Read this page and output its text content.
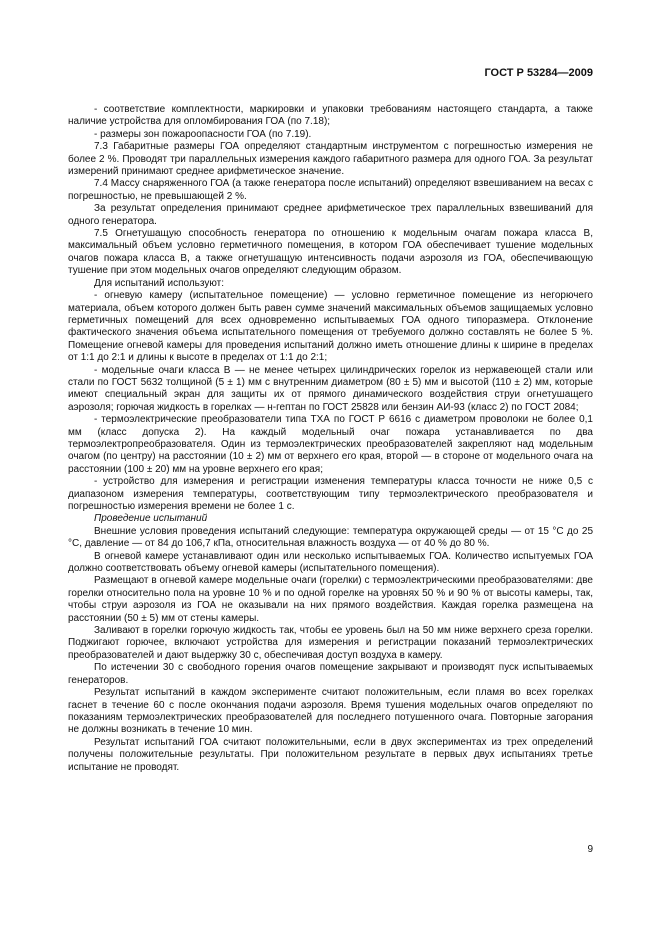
ГОСТ Р 53284—2009

- соответствие комплектности, маркировки и упаковки требованиям настоящего стандарта, а также наличие устройства для опломбирования ГОА (по 7.18);

- размеры зон пожароопасности ГОА (по 7.19).

7.3 Габаритные размеры ГОА определяют стандартным инструментом с погрешностью измерения не более 2 %. Проводят три параллельных измерения каждого габаритного размера для одного ГОА. За результат измерений принимают среднее арифметическое значение.

7.4 Массу снаряженного ГОА (а также генератора после испытаний) определяют взвешиванием на весах с погрешностью, не превышающей 2 %.

За результат определения принимают среднее арифметическое трех параллельных взвешиваний для одного генератора.

7.5 Огнетушащую способность генератора по отношению к модельным очагам пожара класса В, максимальный объем условно герметичного помещения, в котором ГОА обеспечивает тушение модельных очагов пожара класса В, а также огнетушащую интенсивность подачи аэрозоля из ГОА, обеспечивающую тушение при этом модельных очагов определяют следующим образом.

Для испытаний используют:

- огневую камеру (испытательное помещение) — условно герметичное помещение из негорючего материала, объем которого должен быть равен сумме значений максимальных объемов защищаемых условно герметичных помещений для всех одновременно испытываемых ГОА одного типоразмера. Отклонение фактического значения объема испытательного помещения от требуемого должно составлять не более 5 %. Помещение огневой камеры для проведения испытаний должно иметь отношение длины к ширине в пределах от 1:1 до 2:1 и длины к высоте в пределах от 1:1 до 2:1;

- модельные очаги класса В — не менее четырех цилиндрических горелок из нержавеющей стали или стали по ГОСТ 5632 толщиной (5 ± 1) мм с внутренним диаметром (80 ± 5) мм и высотой (110 ± 2) мм, которые имеют специальный экран для защиты их от прямого динамического воздействия струи огнетушащего аэрозоля; горючая жидкость в горелках — н-гептан по ГОСТ 25828 или бензин АИ-93 (класс 2) по ГОСТ 2084;

- термоэлектрические преобразователи типа ТХА по ГОСТ Р 6616 с диаметром проволоки не более 0,1 мм (класс допуска 2). На каждый модельный очаг пожара устанавливается по два термоэлектропреобразователя. Один из термоэлектрических преобразователей закрепляют над модельным очагом (по центру) на расстоянии (10 ± 2) мм от верхнего его края, второй — в стороне от модельного очага на расстоянии (100 ± 20) мм на уровне верхнего его края;

- устройство для измерения и регистрации изменения температуры класса точности не ниже 0,5 с диапазоном измерения температуры, соответствующим типу термоэлектрического преобразователя и погрешностью измерения времени не более 1 с.

Проведение испытаний

Внешние условия проведения испытаний следующие: температура окружающей среды — от 15 °С до 25 °С, давление — от 84 до 106,7 кПа, относительная влажность воздуха — от 40 % до 80 %.

В огневой камере устанавливают один или несколько испытываемых ГОА. Количество испытуемых ГОА должно соответствовать объему огневой камеры (испытательного помещения).

Размещают в огневой камере модельные очаги (горелки) с термоэлектрическими преобразователями: две горелки относительно пола на уровне 10 % и по одной горелке на уровнях 50 % и 90 % от высоты камеры, так, чтобы струи аэрозоля из ГОА не оказывали на них прямого воздействия. Каждая горелка размещена на расстоянии (50 ± 5) мм от стены камеры.

Заливают в горелки горючую жидкость так, чтобы ее уровень был на 50 мм ниже верхнего среза горелки. Поджигают горючее, включают устройства для измерения и регистрации показаний термоэлектрических преобразователей и дают выдержку 30 с, обеспечивая доступ воздуха в камеру.

По истечении 30 с свободного горения очагов помещение закрывают и производят пуск испытываемых генераторов.

Результат испытаний в каждом эксперименте считают положительным, если пламя во всех горелках гаснет в течение 60 с после окончания подачи аэрозоля. Время тушения модельных очагов определяют по показаниям термоэлектрических преобразователей для последнего потушенного очага. Повторные загорания не должны возникать в течение 10 мин.

Результат испытаний ГОА считают положительными, если в двух экспериментах из трех определений получены положительные результаты. При положительном результате в первых двух испытаниях третье испытание не проводят.

9
